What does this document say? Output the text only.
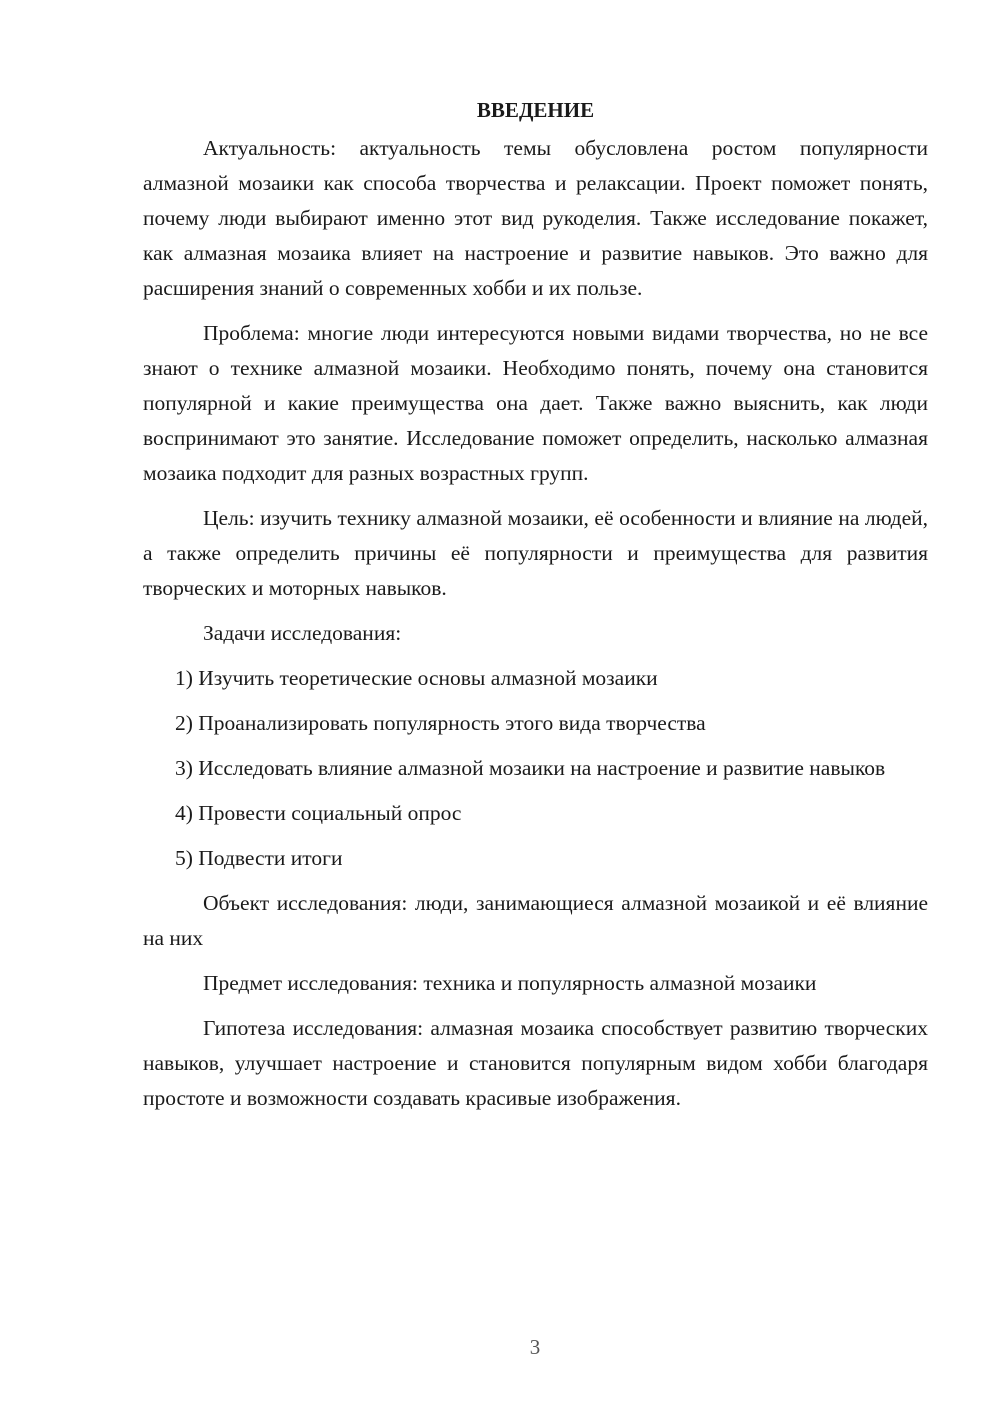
ВВЕДЕНИЕ

Актуальность: актуальность темы обусловлена ростом популярности алмазной мозаики как способа творчества и релаксации. Проект поможет понять, почему люди выбирают именно этот вид рукоделия. Также исследование покажет, как алмазная мозаика влияет на настроение и развитие навыков. Это важно для расширения знаний о современных хобби и их пользе.

Проблема: многие люди интересуются новыми видами творчества, но не все знают о технике алмазной мозаики. Необходимо понять, почему она становится популярной и какие преимущества она дает. Также важно выяснить, как люди воспринимают это занятие. Исследование поможет определить, насколько алмазная мозаика подходит для разных возрастных групп.

Цель: изучить технику алмазной мозаики, её особенности и влияние на людей, а также определить причины её популярности и преимущества для развития творческих и моторных навыков.

Задачи исследования:

1) Изучить теоретические основы алмазной мозаики

2) Проанализировать популярность этого вида творчества

3) Исследовать влияние алмазной мозаики на настроение и развитие навыков

4) Провести социальный опрос

5) Подвести итоги

Объект исследования: люди, занимающиеся алмазной мозаикой и её влияние на них

Предмет исследования: техника и популярность алмазной мозаики

Гипотеза исследования: алмазная мозаика способствует развитию творческих навыков, улучшает настроение и становится популярным видом хобби благодаря простоте и возможности создавать красивые изображения.

3
